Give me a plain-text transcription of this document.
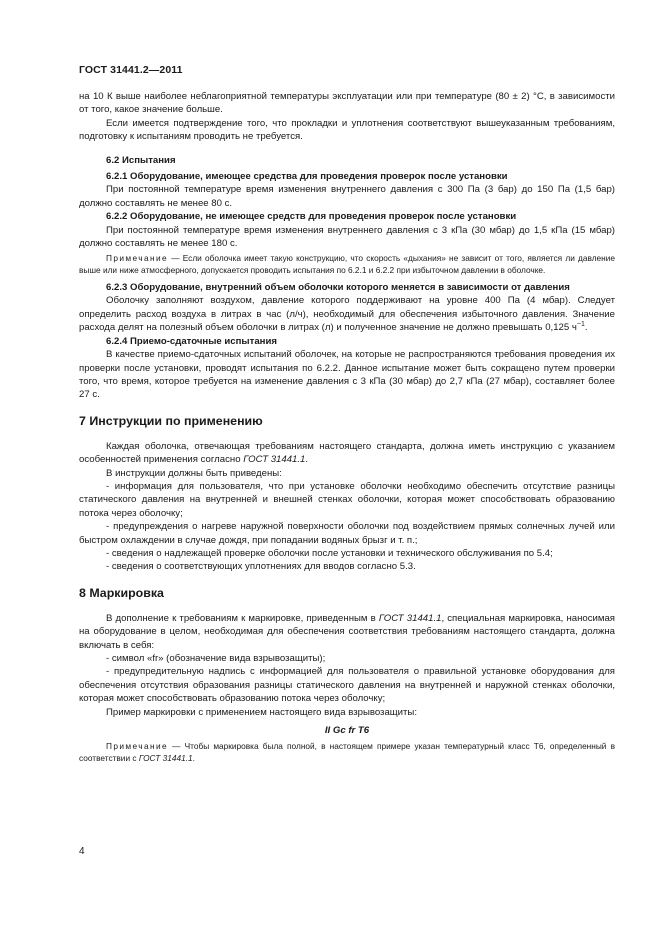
ГОСТ 31441.2—2011

на 10 К выше наиболее неблагоприятной температуры эксплуатации или при температуре (80 ± 2) °С, в зависимости от того, какое значение больше.

Если имеется подтверждение того, что прокладки и уплотнения соответствуют вышеуказанным требованиям, подготовку к испытаниям проводить не требуется.

6.2 Испытания

6.2.1 Оборудование, имеющее средства для проведения проверок после установки

При постоянной температуре время изменения внутреннего давления с 300 Па (3 бар) до 150 Па (1,5 бар) должно составлять не менее 80 с.

6.2.2 Оборудование, не имеющее средств для проведения проверок после установки

При постоянной температуре время изменения внутреннего давления с 3 кПа (30 мбар) до 1,5 кПа (15 мбар) должно составлять не менее 180 с.

Примечание — Если оболочка имеет такую конструкцию, что скорость «дыхания» не зависит от того, является ли давление выше или ниже атмосферного, допускается проводить испытания по 6.2.1 и 6.2.2 при избыточном давлении в оболочке.

6.2.3 Оборудование, внутренний объем оболочки которого меняется в зависимости от давления

Оболочку заполняют воздухом, давление которого поддерживают на уровне 400 Па (4 мбар). Следует определить расход воздуха в литрах в час (л/ч), необходимый для обеспечения избыточного давления. Значение расхода делят на полезный объем оболочки в литрах (л) и полученное значение не должно превышать 0,125 $ч^{-1}$.

6.2.4 Приемо-сдаточные испытания

В качестве приемо-сдаточных испытаний оболочек, на которые не распространяются требования проведения их проверки после установки, проводят испытания по 6.2.2. Данное испытание может быть сокращено путем проверки того, что время, которое требуется на изменение давления с 3 кПа (30 мбар) до 2,7 кПа (27 мбар), составляет более 27 с.

7 Инструкции по применению

Каждая оболочка, отвечающая требованиям настоящего стандарта, должна иметь инструкцию с указанием особенностей применения согласно ГОСТ 31441.1.

В инструкции должны быть приведены:

- информация для пользователя, что при установке оболочки необходимо обеспечить отсутствие разницы статического давления на внутренней и внешней стенках оболочки, которая может способствовать образованию потока через оболочку;

- предупреждения о нагреве наружной поверхности оболочки под воздействием прямых солнечных лучей или быстром охлаждении в случае дождя, при попадании водяных брызг и т. п.;

- сведения о надлежащей проверке оболочки после установки и технического обслуживания по 5.4;

- сведения о соответствующих уплотнениях для вводов согласно 5.3.

8 Маркировка

В дополнение к требованиям к маркировке, приведенным в ГОСТ 31441.1, специальная маркировка, наносимая на оборудование в целом, необходимая для обеспечения соответствия требованиям настоящего стандарта, должна включать в себя:

- символ «fr» (обозначение вида взрывозащиты);

- предупредительную надпись с информацией для пользователя о правильной установке оборудования для обеспечения отсутствия образования разницы статического давления на внутренней и наружной стенках оболочки, которая может способствовать образованию потока через оболочку;

Пример маркировки с применением настоящего вида взрывозащиты:

II Gc fr T6

Примечание — Чтобы маркировка была полной, в настоящем примере указан температурный класс Т6, определенный в соответствии с ГОСТ 31441.1.

4
